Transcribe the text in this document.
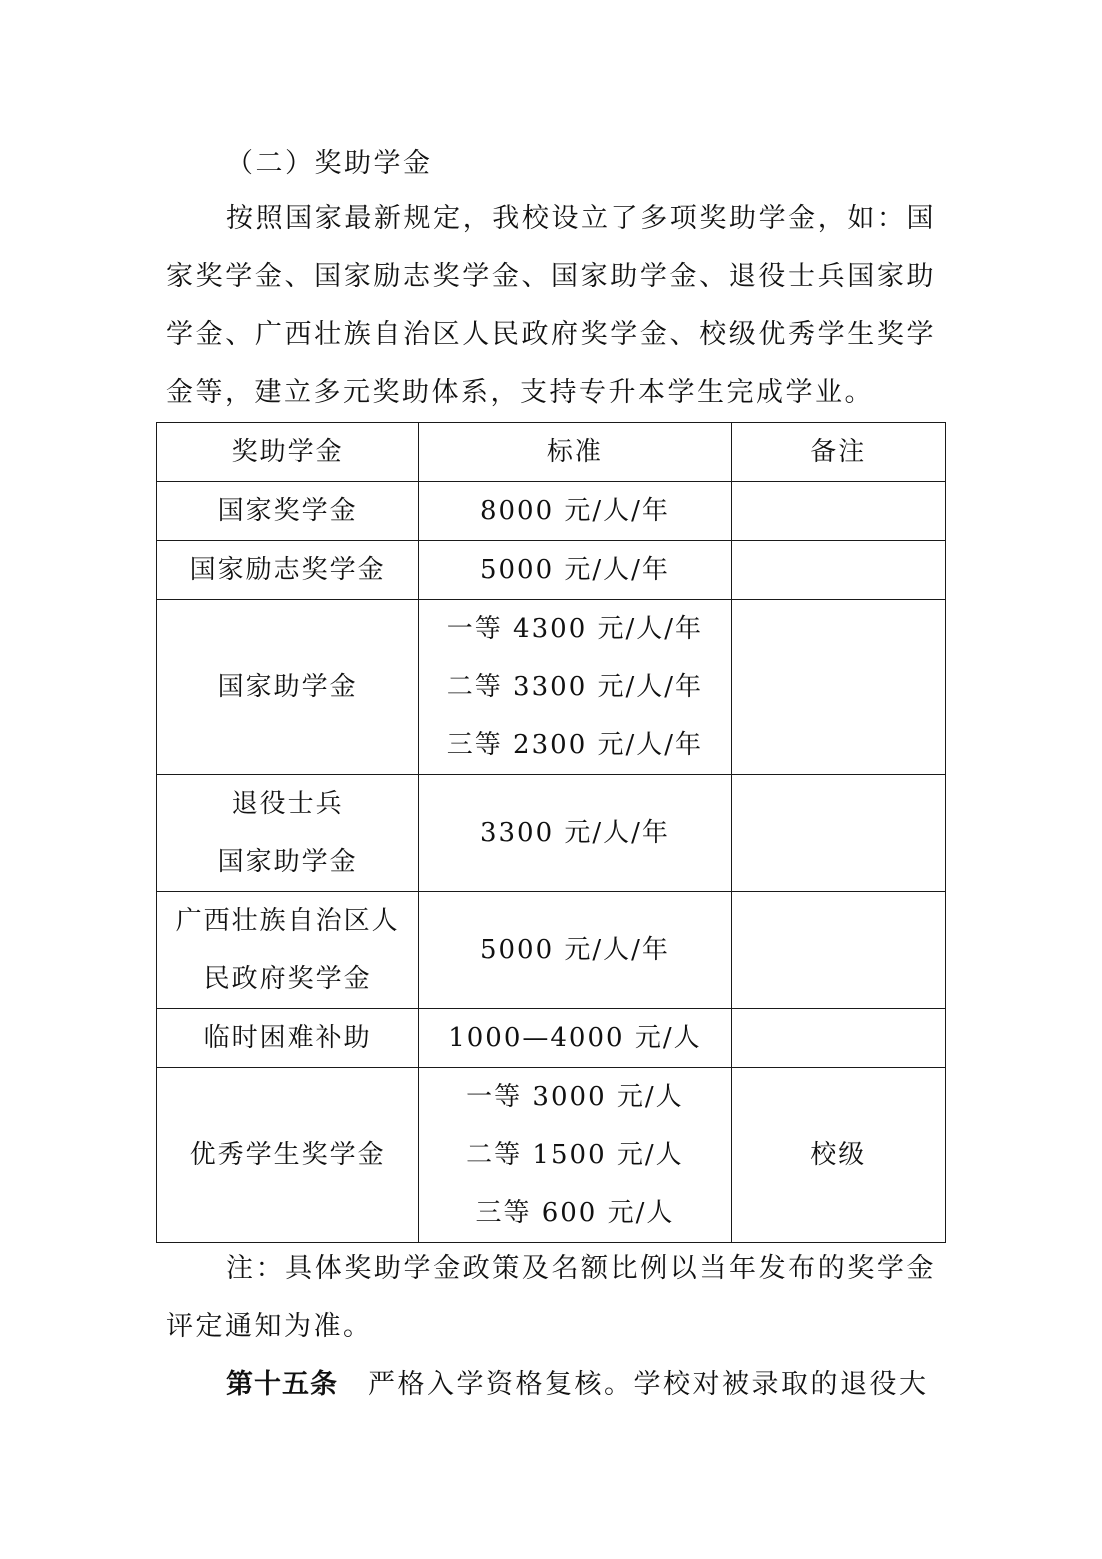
（二）奖助学金
按照国家最新规定，我校设立了多项奖助学金，如：国家奖学金、国家励志奖学金、国家助学金、退役士兵国家助学金、广西壮族自治区人民政府奖学金、校级优秀学生奖学金等，建立多元奖助体系，支持专升本学生完成学业。
奖助学金	标准	备注
国家奖学金	8000 元/人/年	
国家励志奖学金	5000 元/人/年	
国家助学金	一等 4300 元/人/年
二等 3300 元/人/年
三等 2300 元/人/年	

退役士兵
国家助学金	3300 元/人/年	

广西壮族自治区人
民政府奖学金	5000 元/人/年	
临时困难补助	1000—4000 元/人	
优秀学生奖学金	一等 3000 元/人
二等 1500 元/人
三等 600 元/人	校级
注：具体奖助学金政策及名额比例以当年发布的奖学金评定通知为准。
第十五条 严格入学资格复核。学校对被录取的退役大
